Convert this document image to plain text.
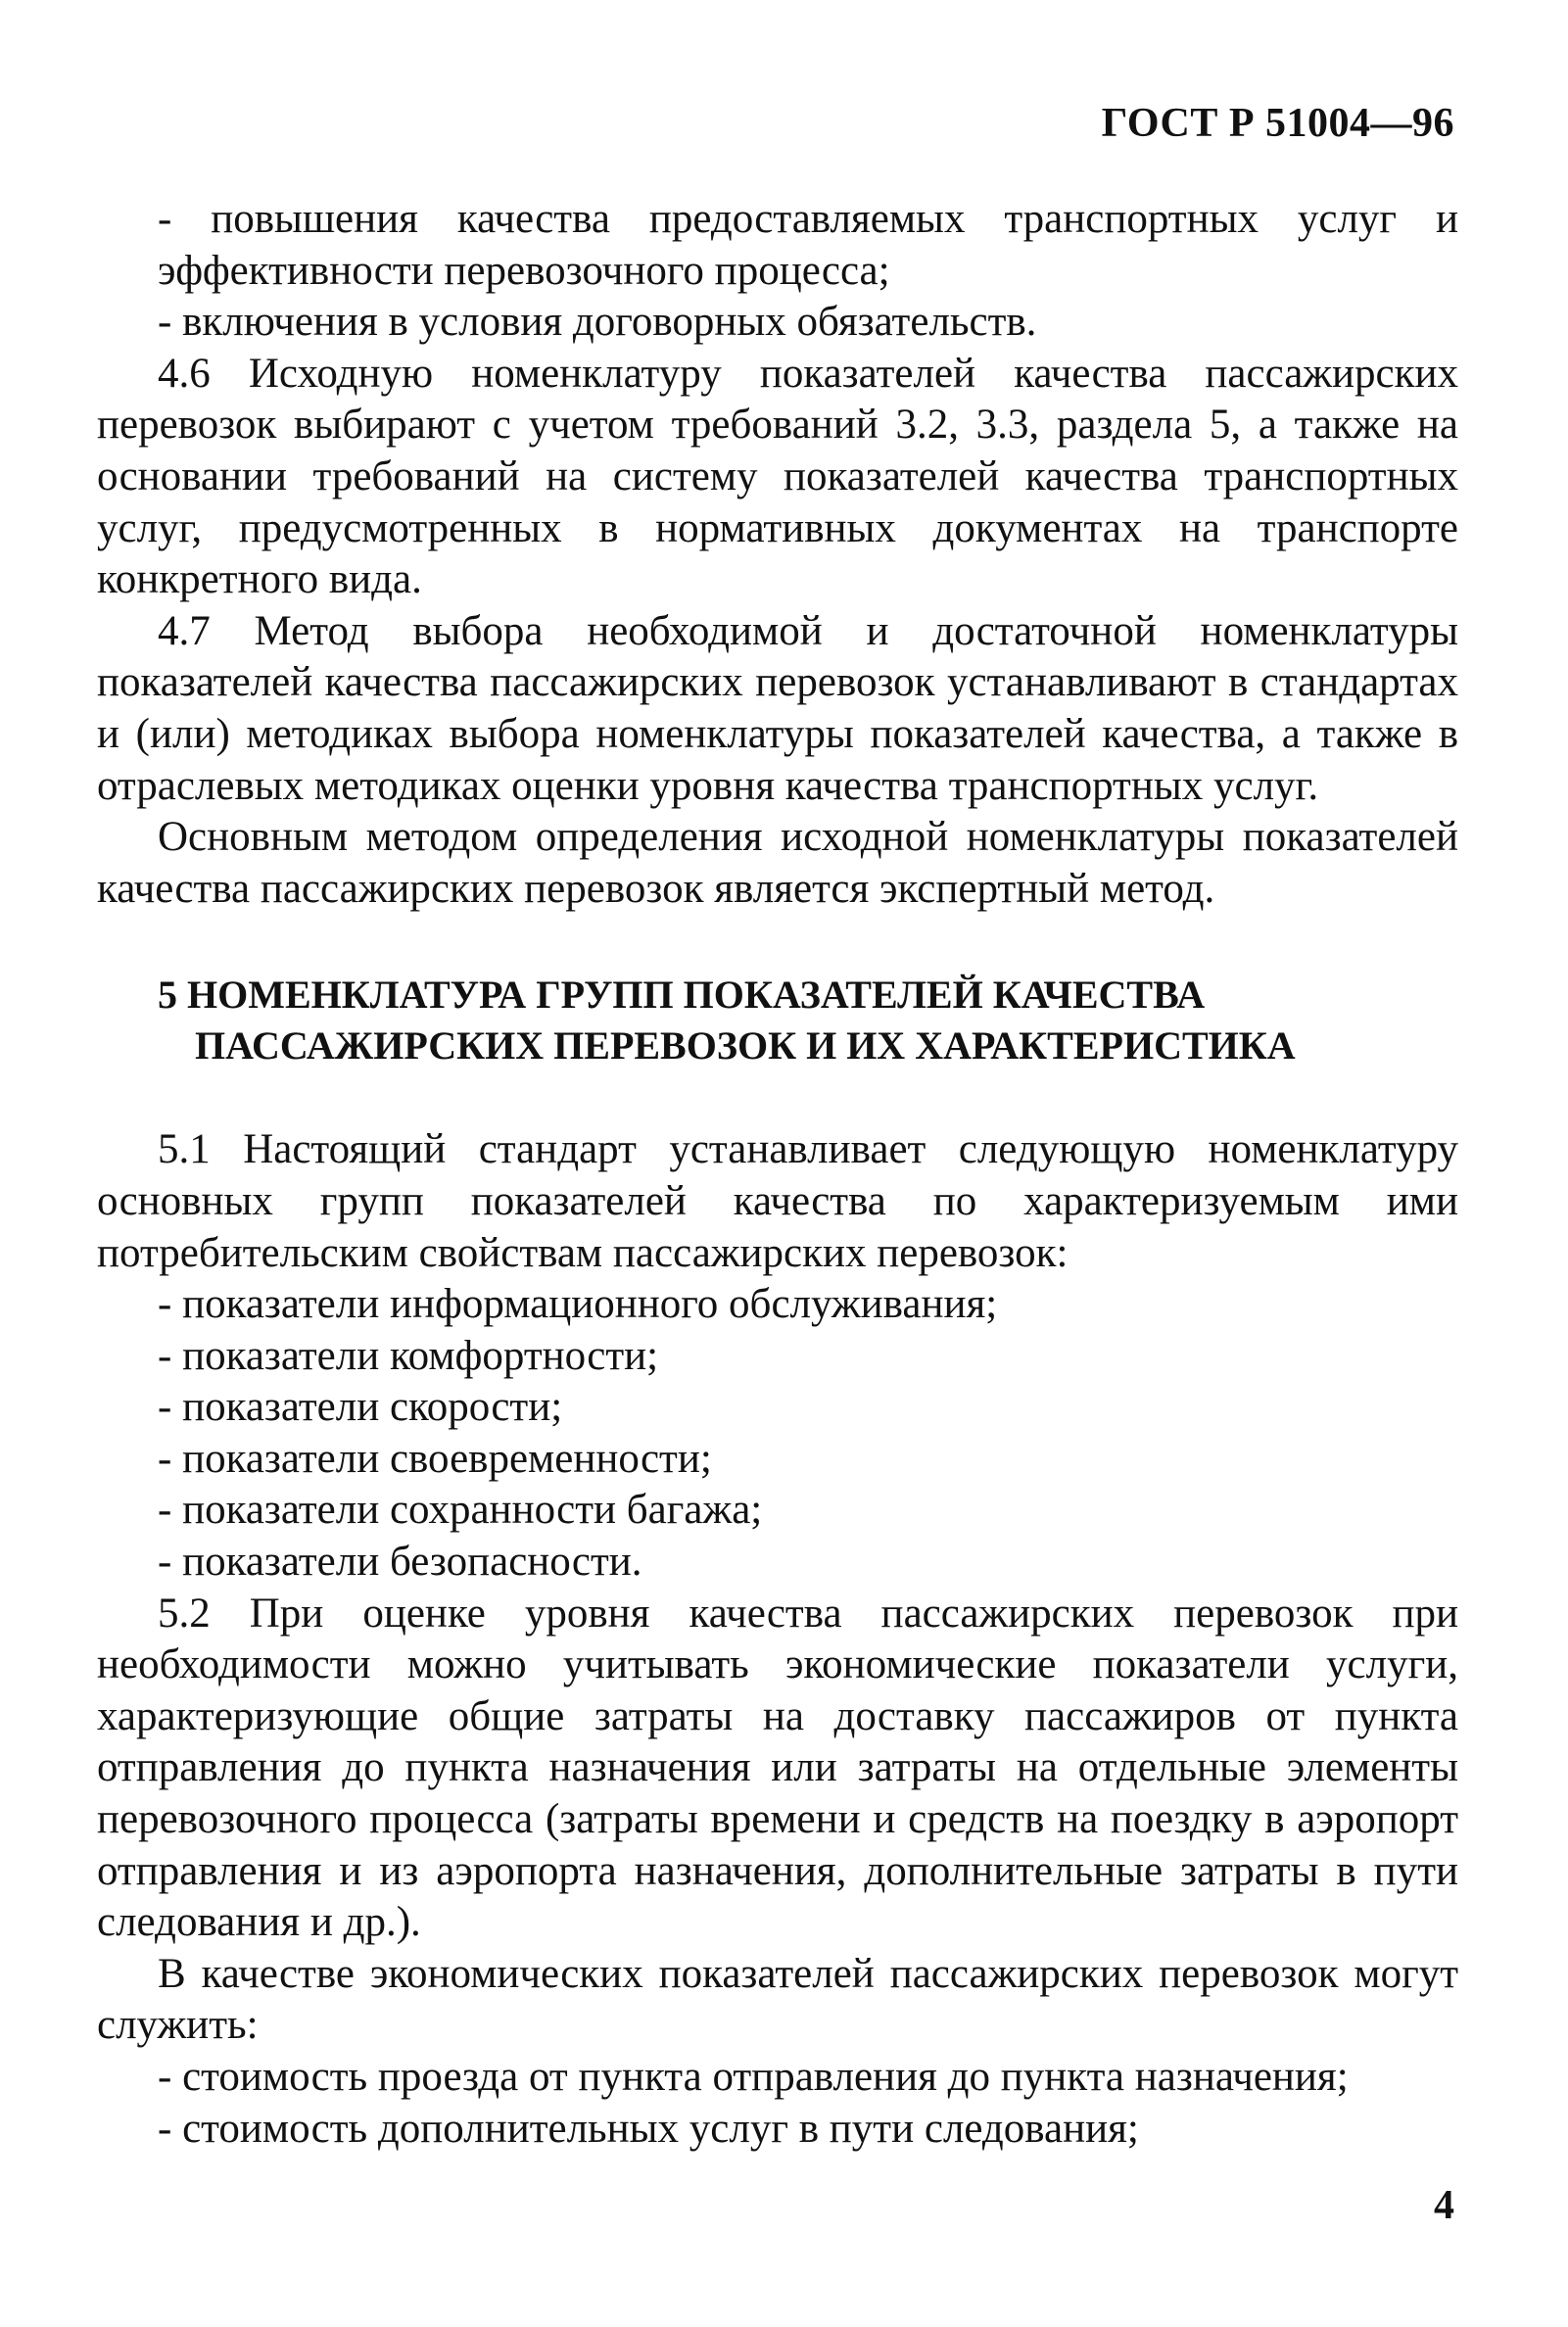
ГОСТ Р 51004—96

- повышения качества предоставляемых транспортных услуг и эффективности перевозочного процесса;

- включения в условия договорных обязательств.

4.6 Исходную номенклатуру показателей качества пассажирских перевозок выбирают с учетом требований 3.2, 3.3, раздела 5, а также на основании требований на систему показателей качества транспортных услуг, предусмотренных в нормативных документах на транспорте конкретного вида.

4.7 Метод выбора необходимой и достаточной номенклатуры показателей качества пассажирских перевозок устанавливают в стандартах и (или) методиках выбора номенклатуры показателей качества, а также в отраслевых методиках оценки уровня качества транспортных услуг.

Основным методом определения исходной номенклатуры показателей качества пассажирских перевозок является экспертный метод.

5 НОМЕНКЛАТУРА ГРУПП ПОКАЗАТЕЛЕЙ КАЧЕСТВА
ПАССАЖИРСКИХ ПЕРЕВОЗОК И ИХ ХАРАКТЕРИСТИКА

5.1 Настоящий стандарт устанавливает следующую номенклатуру основных групп показателей качества по характеризуемым ими потребительским свойствам пассажирских перевозок:

- показатели информационного обслуживания;

- показатели комфортности;

- показатели скорости;

- показатели своевременности;

- показатели сохранности багажа;

- показатели безопасности.

5.2 При оценке уровня качества пассажирских перевозок при необходимости можно учитывать экономические показатели услуги, характеризующие общие затраты на доставку пассажиров от пункта отправления до пункта назначения или затраты на отдельные элементы перевозочного процесса (затраты времени и средств на поездку в аэропорт отправления и из аэропорта назначения, дополнительные затраты в пути следования и др.).

В качестве экономических показателей пассажирских перевозок могут служить:

- стоимость проезда от пункта отправления до пункта назначения;

- стоимость дополнительных услуг в пути следования;

4
